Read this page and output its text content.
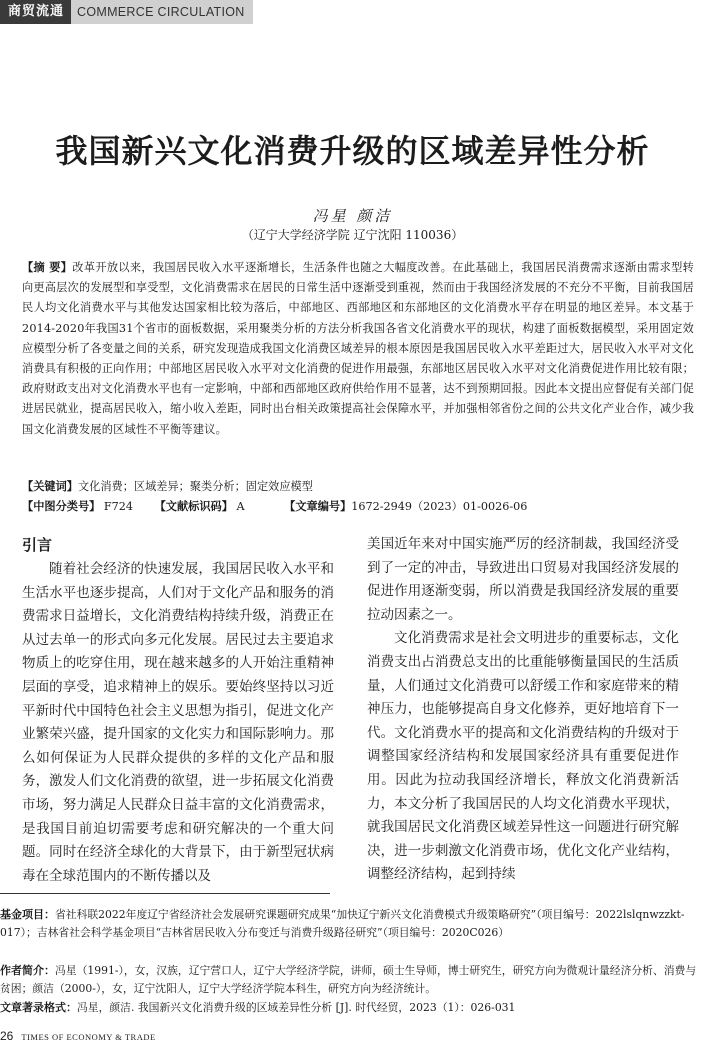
商贸流通	COMMERCE CIRCULATION
我国新兴文化消费升级的区域差异性分析
冯星 颜洁
（辽宁大学经济学院 辽宁沈阳 110036）
【摘 要】改革开放以来，我国居民收入水平逐渐增长，生活条件也随之大幅度改善。在此基础上，我国居民消费需求逐渐由需求型转向更高层次的发展型和享受型，文化消费需求在居民的日常生活中逐渐受到重视，然而由于我国经济发展的不充分不平衡，目前我国居民人均文化消费水平与其他发达国家相比较为落后，中部地区、西部地区和东部地区的文化消费水平存在明显的地区差异。本文基于2014-2020年我国31个省市的面板数据，采用聚类分析的方法分析我国各省文化消费水平的现状，构建了面板数据模型，采用固定效应模型分析了各变量之间的关系，研究发现造成我国文化消费区域差异的根本原因是我国居民收入水平差距过大，居民收入水平对文化消费具有积极的正向作用；中部地区居民收入水平对文化消费的促进作用最强，东部地区居民收入水平对文化消费促进作用比较有限；政府财政支出对文化消费水平也有一定影响，中部和西部地区政府供给作用不显著，达不到预期回报。因此本文提出应督促有关部门促进居民就业，提高居民收入，缩小收入差距，同时出台相关政策提高社会保障水平，并加强相邻省份之间的公共文化产业合作，减少我国文化消费发展的区域性不平衡等建议。
【关键词】文化消费；区域差异；聚类分析；固定效应模型
【中图分类号】 F724 【文献标识码】 A	【文章编号】1672-2949（2023）01-0026-06
引言

随着社会经济的快速发展，我国居民收入水平和生活水平也逐步提高，人们对于文化产品和服务的消费需求日益增长，文化消费结构持续升级，消费正在从过去单一的形式向多元化发展。居民过去主要追求物质上的吃穿住用，现在越来越多的人开始注重精神层面的享受，追求精神上的娱乐。要始终坚持以习近平新时代中国特色社会主义思想为指引，促进文化产业繁荣兴盛，提升国家的文化实力和国际影响力。那么如何保证为人民群众提供的多样的文化产品和服务，激发人们文化消费的欲望，进一步拓展文化消费市场，努力满足人民群众日益丰富的文化消费需求，是我国目前迫切需要考虑和研究解决的一个重大问题。同时在经济全球化的大背景下，由于新型冠状病毒在全球范围内的不断传播以及

美国近年来对中国实施严厉的经济制裁，我国经济受到了一定的冲击，导致进出口贸易对我国经济发展的促进作用逐渐变弱，所以消费是我国经济发展的重要拉动因素之一。

文化消费需求是社会文明进步的重要标志，文化消费支出占消费总支出的比重能够衡量国民的生活质量，人们通过文化消费可以舒缓工作和家庭带来的精神压力，也能够提高自身文化修养，更好地培育下一代。文化消费水平的提高和文化消费结构的升级对于调整国家经济结构和发展国家经济具有重要促进作用。因此为拉动我国经济增长，释放文化消费新活力，本文分析了我国居民的人均文化消费水平现状，就我国居民文化消费区域差异性这一问题进行研究解决，进一步刺激文化消费市场，优化文化产业结构，调整经济结构，起到持续

基金项目：省社科联2022年度辽宁省经济社会发展研究课题研究成果“加快辽宁新兴文化消费模式升级策略研究”（项目编号：2022lslqnwzzkt-017）；吉林省社会科学基金项目“吉林省居民收入分布变迁与消费升级路径研究”（项目编号：2020C026）
作者简介：冯星（1991-），女，汉族，辽宁营口人，辽宁大学经济学院，讲师，硕士生导师，博士研究生，研究方向为微观计量经济分析、消费与贫困；颜洁（2000-），女，辽宁沈阳人，辽宁大学经济学院本科生，研究方向为经济统计。
文章著录格式：冯星，颜洁. 我国新兴文化消费升级的区域差异性分析 [J]. 时代经贸，2023（1）：026-031
26 TIMES OF ECONOMY & TRADE
